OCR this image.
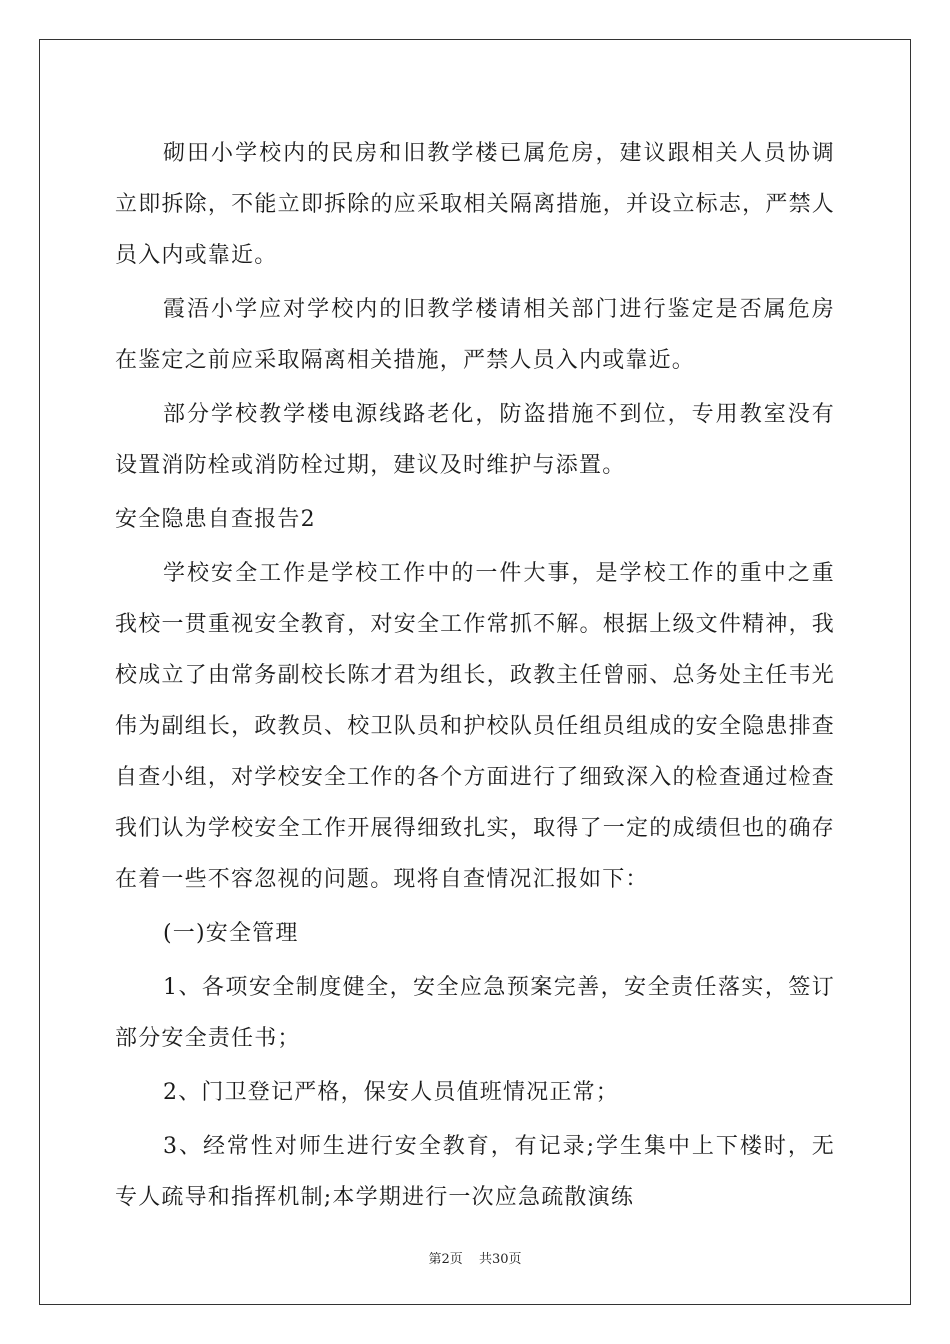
砌田小学校内的民房和旧教学楼已属危房，建议跟相关人员协调立即拆除，不能立即拆除的应采取相关隔离措施，并设立标志，严禁人员入内或靠近。

霞浯小学应对学校内的旧教学楼请相关部门进行鉴定是否属危房在鉴定之前应采取隔离相关措施，严禁人员入内或靠近。

部分学校教学楼电源线路老化，防盗措施不到位，专用教室没有设置消防栓或消防栓过期，建议及时维护与添置。

安全隐患自查报告2

学校安全工作是学校工作中的一件大事，是学校工作的重中之重我校一贯重视安全教育，对安全工作常抓不解。根据上级文件精神，我校成立了由常务副校长陈才君为组长，政教主任曾丽、总务处主任韦光伟为副组长，政教员、校卫队员和护校队员任组员组成的安全隐患排查自查小组，对学校安全工作的各个方面进行了细致深入的检查通过检查我们认为学校安全工作开展得细致扎实，取得了一定的成绩但也的确存在着一些不容忽视的问题。现将自查情况汇报如下：

(一)安全管理

1、各项安全制度健全，安全应急预案完善，安全责任落实，签订部分安全责任书；

2、门卫登记严格，保安人员值班情况正常；

3、经常性对师生进行安全教育，有记录;学生集中上下楼时，无专人疏导和指挥机制;本学期进行一次应急疏散演练

第2页 共30页
